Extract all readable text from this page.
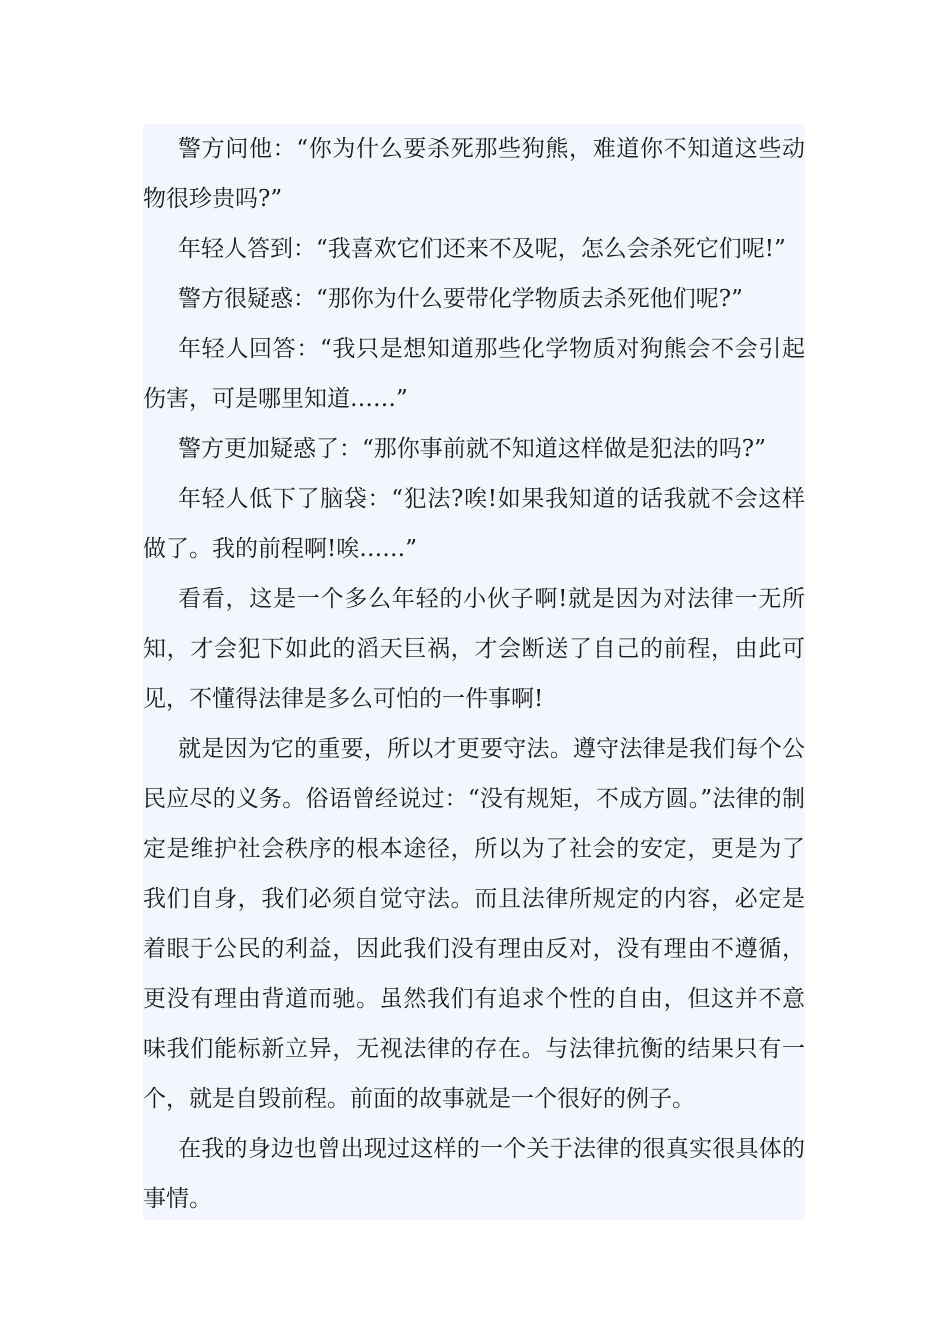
警方问他：“你为什么要杀死那些狗熊，难道你不知道这些动物很珍贵吗?”

年轻人答到：“我喜欢它们还来不及呢，怎么会杀死它们呢!”

警方很疑惑：“那你为什么要带化学物质去杀死他们呢?”

年轻人回答：“我只是想知道那些化学物质对狗熊会不会引起伤害，可是哪里知道……”

警方更加疑惑了：“那你事前就不知道这样做是犯法的吗?”

年轻人低下了脑袋：“犯法?唉!如果我知道的话我就不会这样做了。我的前程啊!唉……”

看看，这是一个多么年轻的小伙子啊!就是因为对法律一无所知，才会犯下如此的滔天巨祸，才会断送了自己的前程，由此可见，不懂得法律是多么可怕的一件事啊!

就是因为它的重要，所以才更要守法。遵守法律是我们每个公民应尽的义务。俗语曾经说过：“没有规矩，不成方圆。”法律的制定是维护社会秩序的根本途径，所以为了社会的安定，更是为了我们自身，我们必须自觉守法。而且法律所规定的内容，必定是着眼于公民的利益，因此我们没有理由反对，没有理由不遵循，更没有理由背道而驰。虽然我们有追求个性的自由，但这并不意味我们能标新立异，无视法律的存在。与法律抗衡的结果只有一个，就是自毁前程。前面的故事就是一个很好的例子。

在我的身边也曾出现过这样的一个关于法律的很真实很具体的事情。
